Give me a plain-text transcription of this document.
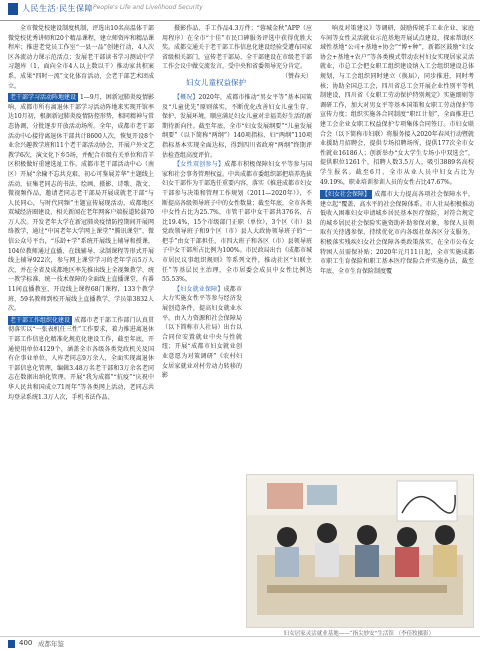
人民生活·民生保障 People's Life and Livelihood Security

全市微党校建设制度机制，评选出10名高温体干部微党校优秀讲师和20个精品课程，建立师资库和精品课程库；推进老党员工作室“一县一品”创建行动，4人次区各流动力课示范活点；发展老干部读书学习测试中学习题库（1，面向全市4人以上数以干）推动家共积案系，成果“四时一流”文化体育活动，会老干部艺术团成立。

老干部学习活动阵地建设 1—9月，困新冠肺炎疫情影响，成都市所有离退休干部学习活动阵地来实现开馆率达10月初，根据新冠肺炎疫情防控形势，相同精神与常态协调，分批逐步开放活动场所。全年，成都市老干部活动中心接待离退休干部共计8600人次，恢复开设8个业余兴趣教学班和11个老干部活动协会，开展户外文艺教学6次，演文化下乡5场，并配合市级有关单位和青羊区积极做好重建选址工作。成都市老干部活动中心（南区）开展“余输不忘共克艰，初心可鉴展芳华”主题线上活动，征集老同志的书法、绘画、摄影、诗歌、散文、微视频作品，邀请老同志老干部局开展成就老干部“与人民同心，与时代同频”主题宣传展现活动，成都地区双城经济圈建设，相关新闻在老年网客户端报道转载70万人次。开发老年大学在新冠肺炎疫情防控期间开展网络教学，通过“中国老年大学网上课堂”“腾讯课堂”、微信公众号平台，“乐龄+学”系统开展线上辅导和授课，104位教师通过直播、在线辅导、录制课程等形式开展线上辅导922次，参与网上课堂学习的老年学员5万人次，并在全省及成都地区率先推出线上全视频教学、统一教学标准、统一技术保障的全面线上直播课堂，有番11间直播教室，开设线上课程68门课程，133个教学班，59名教师到校开展线上直播教学，学员第3832人次。

老干部工作组织化建设 成都市老干部工作部门认真贯彻落实以“一张表机任三性”工作要求，着力推进离退休干部工作信息化精准化规范化建设工作，截至年底，开通使用单位4129个，涵盖全市各级各类党政机关及国有企事业单位，人库老同志9万余人，全面实现离退休干部信息化管理，编辑3.48万名老干部和3万余名老同志在数据出纳化管理。开展“我为成都”“抗疫”“庆祝中华人民共和国成立71周年”等各类网上活动，老同志共均登录系统1.3万人次，手机书法作品、

摄影作品、手工作品4.3万件；“蓉城金秋”APP（应用程序）在全市“十佳”市民口碑服务评选中获得优胜大奖。成都交通关于老干部工作信息化建设经验受遭布国家省级相关部门，宣传老干部局、全干部建设在市级老干部工作会议中做交流发言，受中央和省委领导充分肯定。
（赞春天）

妇女儿童权益保护

【概况】2020年，成都市推动“男女平等”基本国策及“儿童优先”原则落实，不断优化改善妇女儿童生存、保护、发展环境，顺应满足妇女儿童对幸福美好生活的新期待新向往。截至年底，全市“妇女发展纲要”“儿童发展纲要”（以下简称“两纲”）140项指标、妇“两纲”110项指标基本实现全面达标，得到四川省政府“两纲”终期评估检查组高度评价。

【女性双创参与】成都市积极保障妇女平等参与国家和社会事务管理权益。中共成都市委组织部把培养选拔妇女干部作为干部选任重要内容，落实《推进成都市妇女干部参与决策和管理工作规划（2011—2020年）》，不断提高各级领导班子中的女性数量；截至年底，全市各类中女性占比为25.7%，市管干部中女干部共376名，占比19.4%，15个市级部门正职（单位），3个区（市）县党政领导班子和9个区（市）县人大政协领导班子的“一把手”由女干部担任，市四大班子和各区（市）县领导班子中女干部所占比例为100%。市民政局出台《成都市城市居民议事组织规则》等系列文件，推动社区“妇联主任”等基层民主治理，全市居委会成员中女性比例达55.53%。

【妇女就业保障】成都市大力实施女性平等参与经济发展创造条件，提高妇女就业水平。由人力资源和社会保障局（以下简称市人社局）出台以合同位安置就业中央与性就纽；开展“成都市妇女就业创业意愿为对策调研”《农村妇女居家就业对村劳动力转移的影

响及对策建议》等调研，鼓励传统手工业企业、家庭车间等女性灵活就业示范基地开展试点建设，探索帮助区域性基地“公司+基地+协会”“博+种”，新都区鼓励“妇女协会+基地+农户”等各类模式带动农村妇女实现居家灵活就业，市总工会把女职工组织建设纳入工会组织建设总体规划，与工会组织同时建立（换届），同步推进，同时考核；协助全国总工会，四川省总工会开展企业性别平等机制建设，四川省《女职工劳动保护特别规定》实施细则等调研工作，加大对男女平等基本国策和女职工劳动保护等宣传力度；组织实施各合同制度“职红计划”，全面推进已建工会企业女职工权益保护专项集体合同签订。市妇女联合会（以下简称市妇联）将服务接入2020年春风行动暨就业援助月招聘会，提供专场招聘场所，提供177次全市女性就业16186人；创新举办“女大学生专场小中双选会”，提供职位1261个，招聘人数3.5万人，吸引3889名高校学生报名。截至6月，全市从业人员中妇女占比为49.19%，职业培训参训人员的女性占比47.67%。

【妇女社会保障】 成都市大力提高各项社会保障水平，建立起“覆盖、高水平的社会保障体系。市人社局积极推动低收入困难妇女申请城乡居民基本医疗保险，对符合规定的城乡居民社会保险实施资助补助参保对象，参保人员领取有关待遇参保，持续优化市内各级社保各区分支服务，积极落实残疾妇女社会保障各类政策落实，在全市公布女特困人员需保补贴；2020年元月11日起，全市实施成都市职工生育保险和职工基本医疗保险合并实施办法，截至年底，全市生育保险制度覆

妇女居家灵活就业基地——“指尖妙安”生活馆 （李佳牧摄影）
400 成都年鉴
